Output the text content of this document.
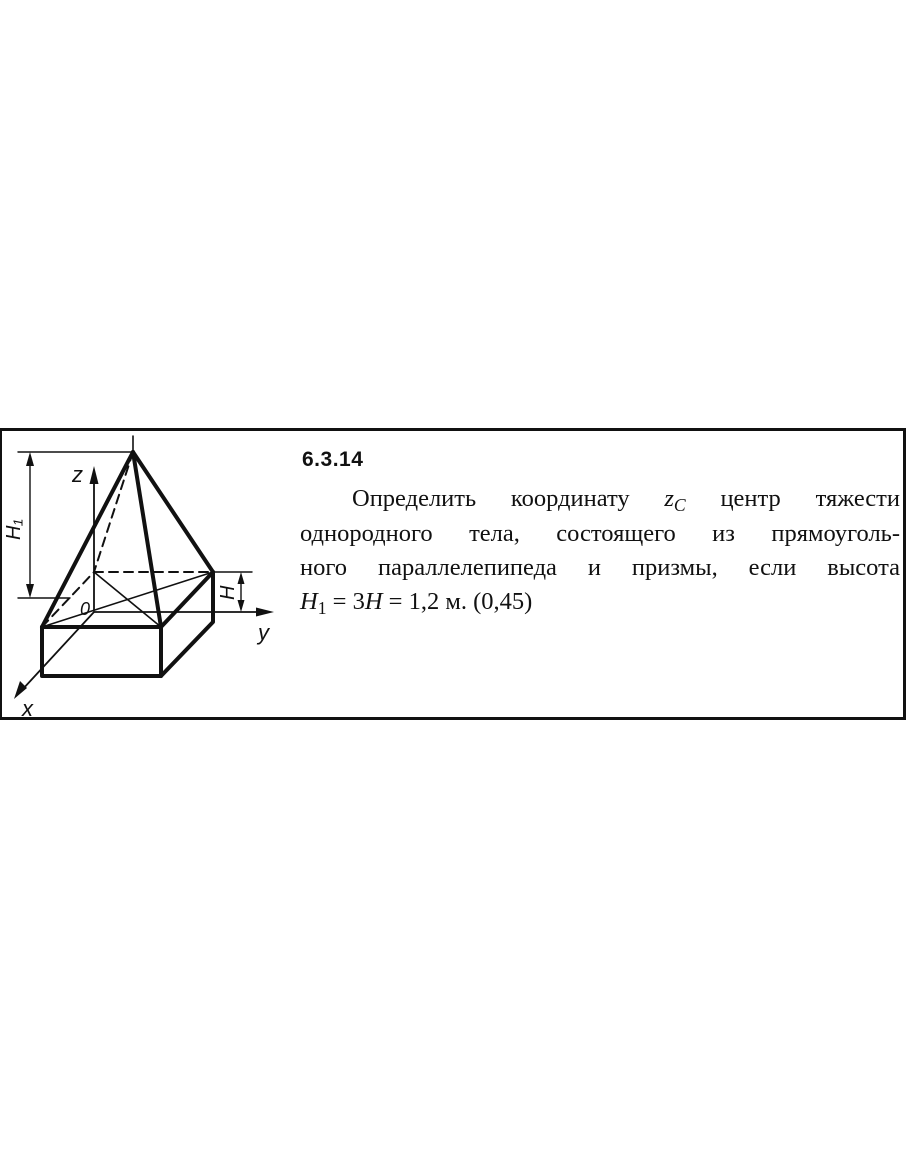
z
y
x
0
H₁
H
6.3.14
Определить координату $z_C$ центр тяжести
однородного тела, состоящего из прямоуголь-
ного параллелепипеда и призмы, если высота
$H_1 = 3H = 1,2$ м. (0,45)
